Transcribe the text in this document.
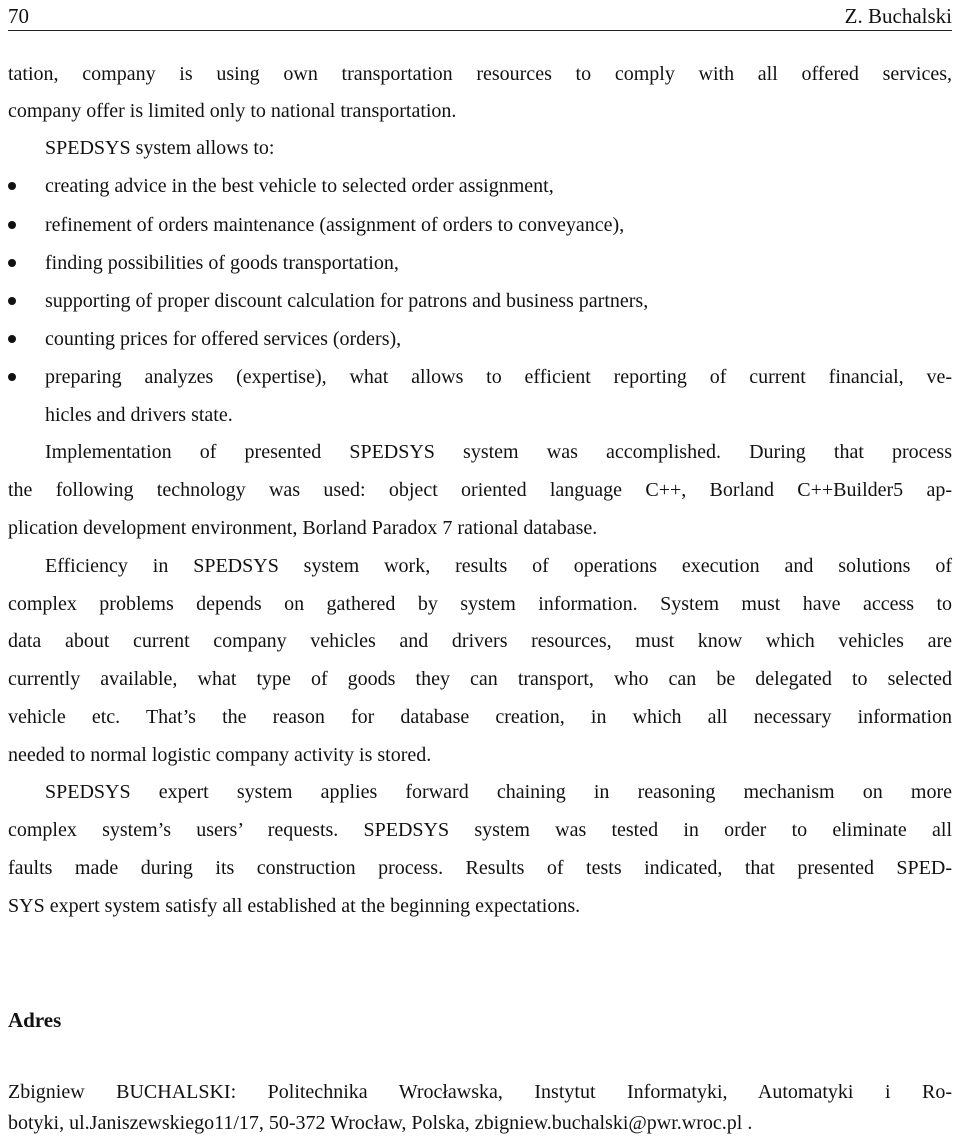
70	Z. Buchalski
tation, company is using own transportation resources to comply with all offered services,
company offer is limited only to national transportation.
SPEDSYS system allows to:
creating advice in the best vehicle to selected order assignment,
refinement of orders maintenance (assignment of orders to conveyance),
finding possibilities of goods transportation,
supporting of proper discount calculation for patrons and business partners,
counting prices for offered services (orders),
preparing analyzes (expertise), what allows to efficient reporting of current financial, ve-
hicles and drivers state.
Implementation of presented SPEDSYS system was accomplished. During that process
the following technology was used: object oriented language C++, Borland C++Builder5 ap-
plication development environment, Borland Paradox 7 rational database.
Efficiency in SPEDSYS system work, results of operations execution and solutions of
complex problems depends on gathered by system information. System must have access to
data about current company vehicles and drivers resources, must know which vehicles are
currently available, what type of goods they can transport, who can be delegated to selected
vehicle etc. That’s the reason for database creation, in which all necessary information
needed to normal logistic company activity is stored.
SPEDSYS expert system applies forward chaining in reasoning mechanism on more
complex system’s users’ requests. SPEDSYS system was tested in order to eliminate all
faults made during its construction process. Results of tests indicated, that presented SPED-
SYS expert system satisfy all established at the beginning expectations.
Adres
Zbigniew BUCHALSKI: Politechnika Wrocławska, Instytut Informatyki, Automatyki i Ro-
botyki, ul.Janiszewskiego11/17, 50-372 Wrocław, Polska, zbigniew.buchalski@pwr.wroc.pl .
